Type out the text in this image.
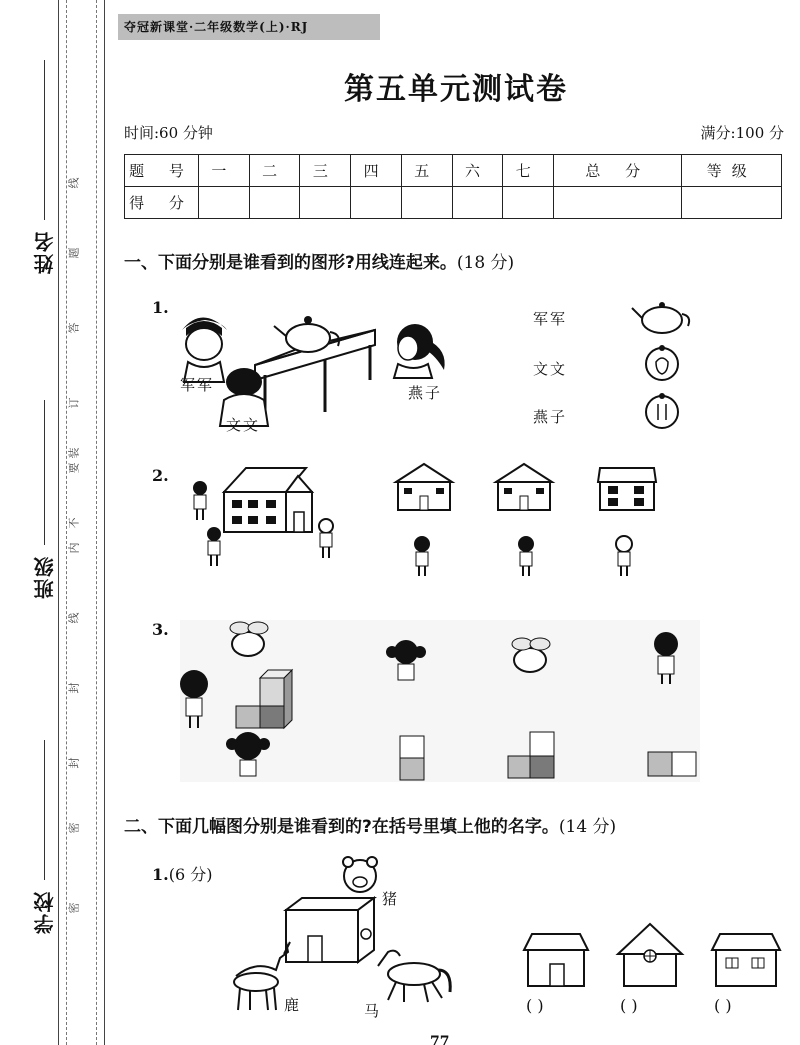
姓名
班级
学校
线
题
答
订
要
不
装
内
线
封
封
密
密
夺冠新课堂·二年级数学(上)·RJ
第五单元测试卷
时间:60 分钟	满分:100 分
题 号	一	二	三	四	五	六	七	总 分	等级
得 分									
一、下面分别是谁看到的图形?用线连起来。(18 分)
1.
军军
文文
燕子
军军
文文
燕子
2.
3.
二、下面几幅图分别是谁看到的?在括号里填上他的名字。(14 分)
1.(6 分)
猪
鹿	马	( )	( )	( )
77
